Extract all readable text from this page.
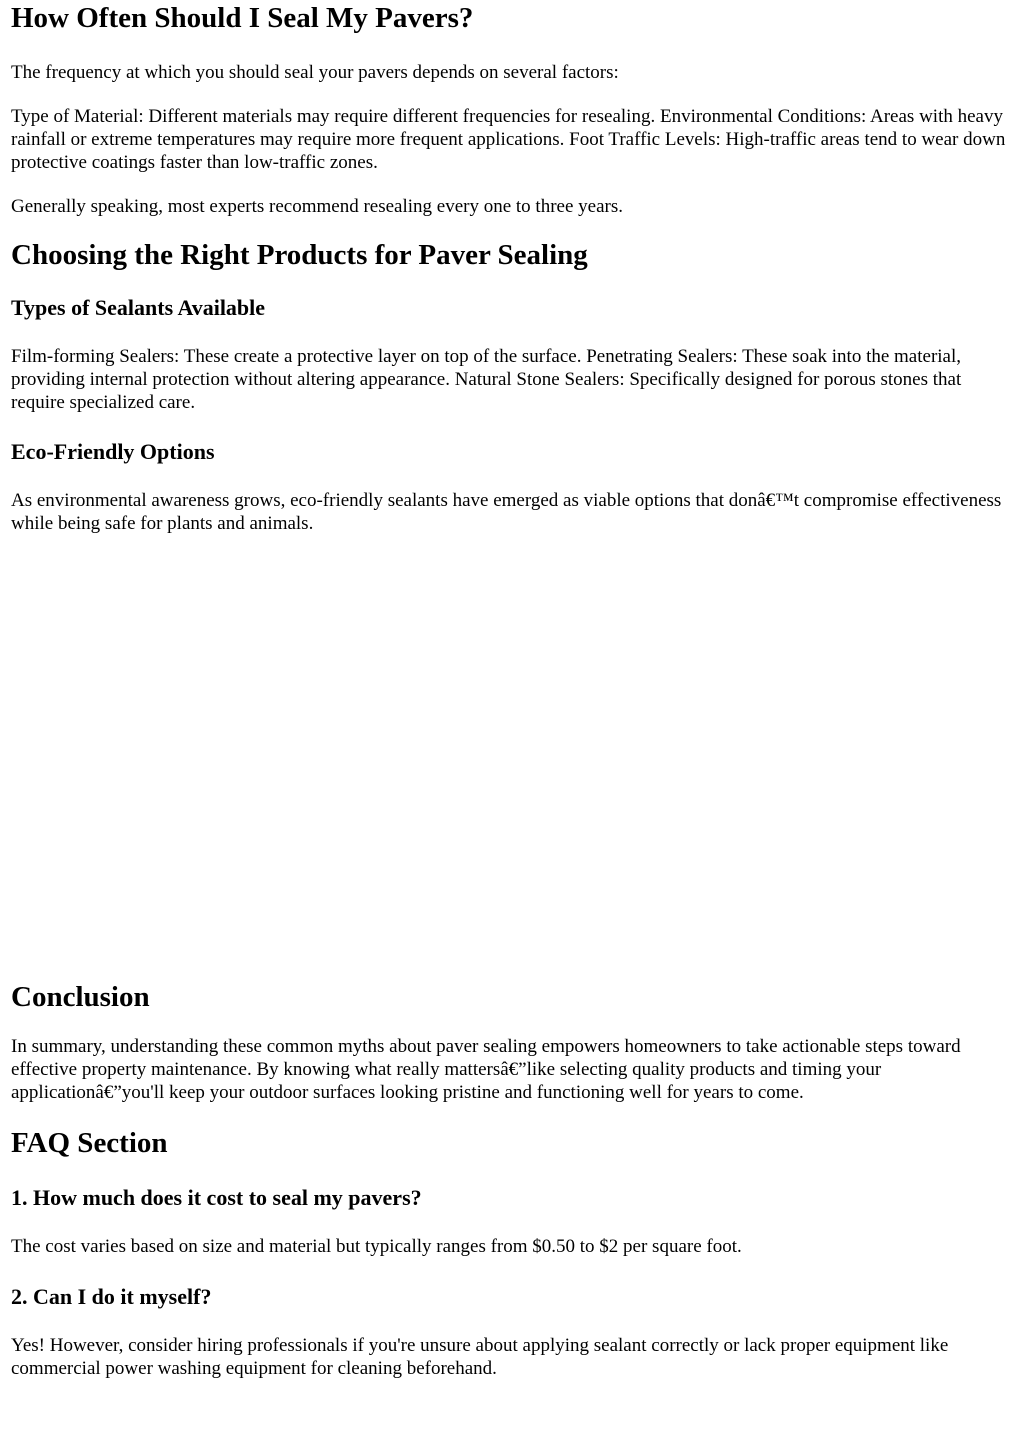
How Often Should I Seal My Pavers?

The frequency at which you should seal your pavers depends on several factors:

Type of Material: Different materials may require different frequencies for resealing. Environmental Conditions: Areas with heavy rainfall or extreme temperatures may require more frequent applications. Foot Traffic Levels: High-traffic areas tend to wear down protective coatings faster than low-traffic zones.

Generally speaking, most experts recommend resealing every one to three years.

Choosing the Right Products for Paver Sealing
Types of Sealants Available

Film-forming Sealers: These create a protective layer on top of the surface. Penetrating Sealers: These soak into the material, providing internal protection without altering appearance. Natural Stone Sealers: Specifically designed for porous stones that require specialized care.

Eco-Friendly Options

As environmental awareness grows, eco-friendly sealants have emerged as viable options that donâ€™t compromise effectiveness while being safe for plants and animals.

Conclusion

In summary, understanding these common myths about paver sealing empowers homeowners to take actionable steps toward effective property maintenance. By knowing what really mattersâ€”like selecting quality products and timing your applicationâ€”you'll keep your outdoor surfaces looking pristine and functioning well for years to come.

FAQ Section
1. How much does it cost to seal my pavers?

The cost varies based on size and material but typically ranges from $0.50 to $2 per square foot.

2. Can I do it myself?

Yes! However, consider hiring professionals if you're unsure about applying sealant correctly or lack proper equipment like commercial power washing equipment for cleaning beforehand.
